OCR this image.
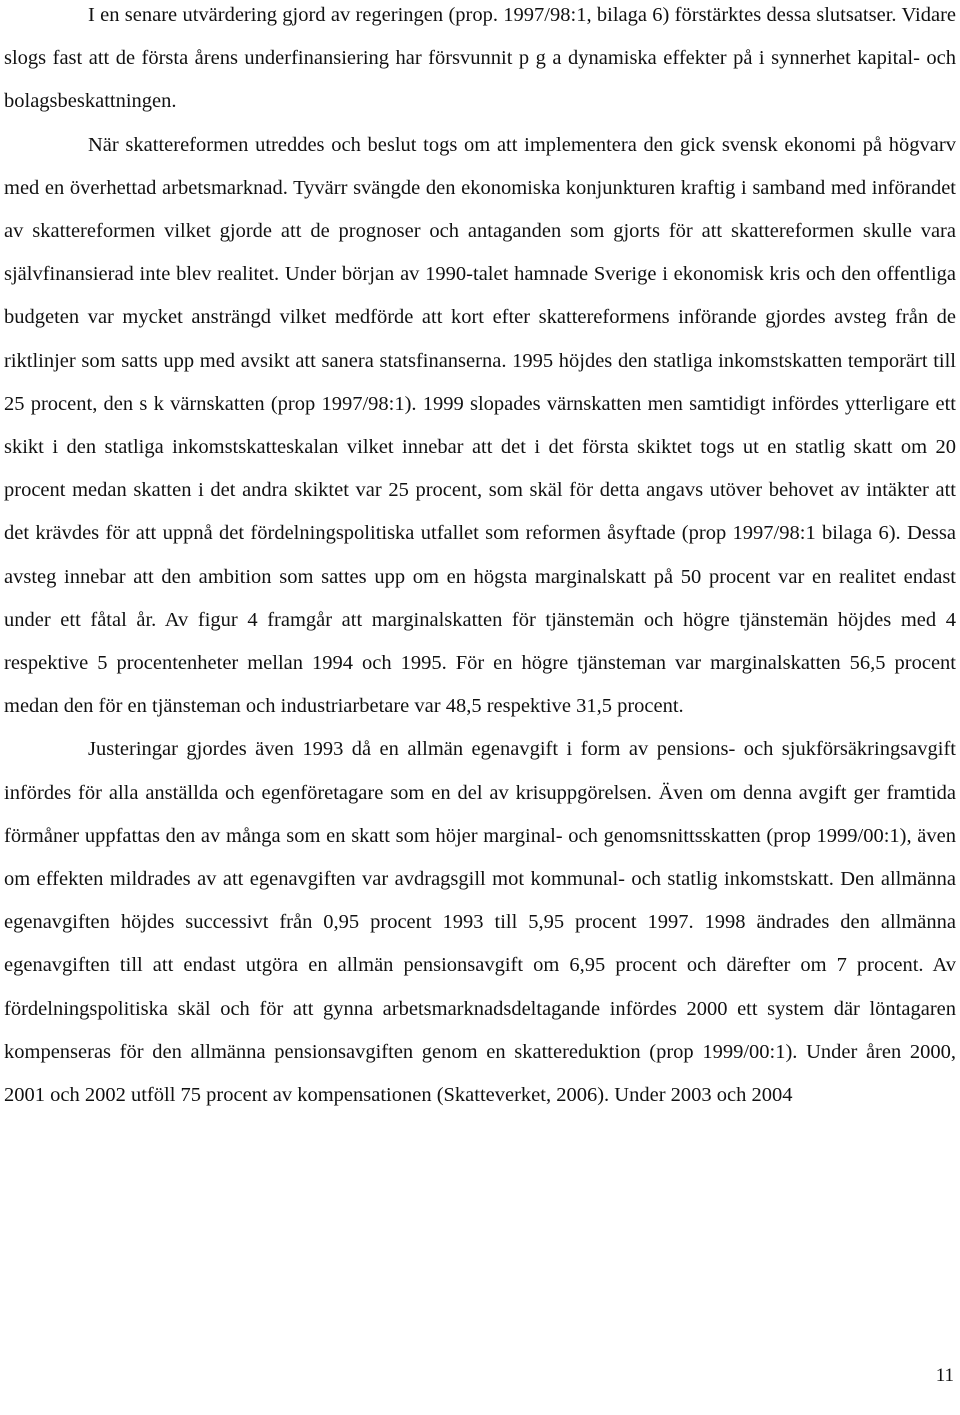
I en senare utvärdering gjord av regeringen (prop. 1997/98:1, bilaga 6) förstärktes dessa slutsatser. Vidare slogs fast att de första årens underfinansiering har försvunnit p g a dynamiska effekter på i synnerhet kapital- och bolagsbeskattningen.

När skattereformen utreddes och beslut togs om att implementera den gick svensk ekonomi på högvarv med en överhettad arbetsmarknad. Tyvärr svängde den ekonomiska konjunkturen kraftig i samband med införandet av skattereformen vilket gjorde att de prognoser och antaganden som gjorts för att skattereformen skulle vara självfinansierad inte blev realitet. Under början av 1990-talet hamnade Sverige i ekonomisk kris och den offentliga budgeten var mycket ansträngd vilket medförde att kort efter skattereformens införande gjordes avsteg från de riktlinjer som satts upp med avsikt att sanera statsfinanserna. 1995 höjdes den statliga inkomstskatten temporärt till 25 procent, den s k värnskatten (prop 1997/98:1). 1999 slopades värnskatten men samtidigt infördes ytterligare ett skikt i den statliga inkomstskatteskalan vilket innebar att det i det första skiktet togs ut en statlig skatt om 20 procent medan skatten i det andra skiktet var 25 procent, som skäl för detta angavs utöver behovet av intäkter att det krävdes för att uppnå det fördelningspolitiska utfallet som reformen åsyftade (prop 1997/98:1 bilaga 6). Dessa avsteg innebar att den ambition som sattes upp om en högsta marginalskatt på 50 procent var en realitet endast under ett fåtal år. Av figur 4 framgår att marginalskatten för tjänstemän och högre tjänstemän höjdes med 4 respektive 5 procentenheter mellan 1994 och 1995. För en högre tjänsteman var marginalskatten 56,5 procent medan den för en tjänsteman och industriarbetare var 48,5 respektive 31,5 procent.

Justeringar gjordes även 1993 då en allmän egenavgift i form av pensions- och sjukförsäkringsavgift infördes för alla anställda och egenföretagare som en del av krisuppgörelsen. Även om denna avgift ger framtida förmåner uppfattas den av många som en skatt som höjer marginal- och genomsnittsskatten (prop 1999/00:1), även om effekten mildrades av att egenavgiften var avdragsgill mot kommunal- och statlig inkomstskatt. Den allmänna egenavgiften höjdes successivt från 0,95 procent 1993 till 5,95 procent 1997. 1998 ändrades den allmänna egenavgiften till att endast utgöra en allmän pensionsavgift om 6,95 procent och därefter om 7 procent. Av fördelningspolitiska skäl och för att gynna arbetsmarknadsdeltagande infördes 2000 ett system där löntagaren kompenseras för den allmänna pensionsavgiften genom en skattereduktion (prop 1999/00:1). Under åren 2000, 2001 och 2002 utföll 75 procent av kompensationen (Skatteverket, 2006). Under 2003 och 2004

11
